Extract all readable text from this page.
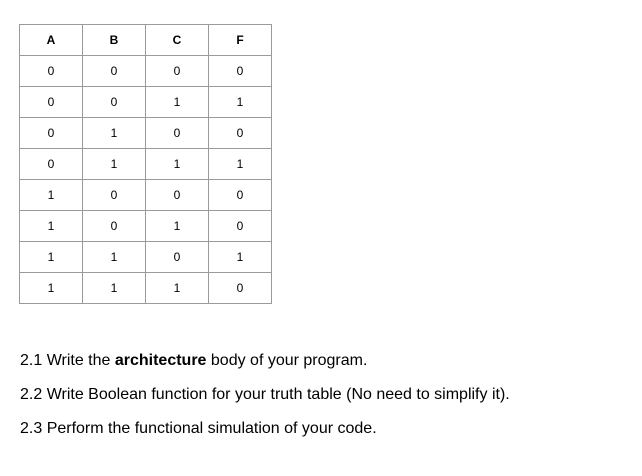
A	B	C	F
0	0	0	0
0	0	1	1
0	1	0	0
0	1	1	1
1	0	0	0
1	0	1	0
1	1	0	1
1	1	1	0
2.1 Write the architecture body of your program.
2.2 Write Boolean function for your truth table (No need to simplify it).
2.3 Perform the functional simulation of your code.
